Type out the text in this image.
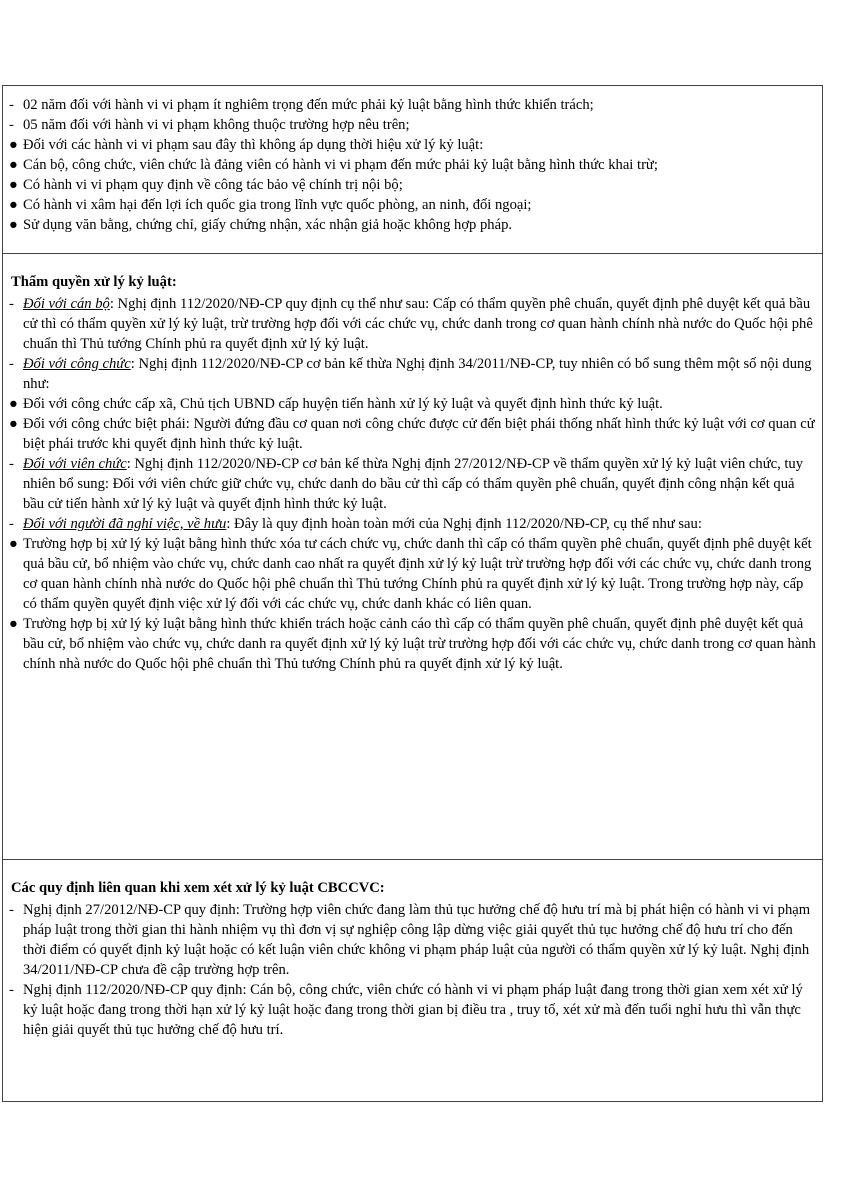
- 02 năm đối với hành vi vi phạm ít nghiêm trọng đến mức phải kỷ luật bằng hình thức khiển trách;
- 05 năm đối với hành vi vi phạm không thuộc trường hợp nêu trên;
● Đối với các hành vi vi phạm sau đây thì không áp dụng thời hiệu xử lý kỷ luật:
● Cán bộ, công chức, viên chức là đảng viên có hành vi vi phạm đến mức phải kỷ luật bằng hình thức khai trừ;
● Có hành vi vi phạm quy định về công tác bảo vệ chính trị nội bộ;
● Có hành vi xâm hại đến lợi ích quốc gia trong lĩnh vực quốc phòng, an ninh, đối ngoại;
● Sử dụng văn bằng, chứng chỉ, giấy chứng nhận, xác nhận giả hoặc không hợp pháp.
Thẩm quyền xử lý kỷ luật:
- Đối với cán bộ: Nghị định 112/2020/NĐ-CP quy định cụ thể như sau: Cấp có thẩm quyền phê chuẩn, quyết định phê duyệt kết quả bầu cử thì có thẩm quyền xử lý kỷ luật, trừ trường hợp đối với các chức vụ, chức danh trong cơ quan hành chính nhà nước do Quốc hội phê chuẩn thì Thủ tướng Chính phủ ra quyết định xử lý kỷ luật.
- Đối với công chức: Nghị định 112/2020/NĐ-CP cơ bản kế thừa Nghị định 34/2011/NĐ-CP, tuy nhiên có bổ sung thêm một số nội dung như:
● Đối với công chức cấp xã, Chủ tịch UBND cấp huyện tiến hành xử lý kỷ luật và quyết định hình thức kỷ luật.
● Đối với công chức biệt phái: Người đứng đầu cơ quan nơi công chức được cử đến biệt phái thống nhất hình thức kỷ luật với cơ quan cử biệt phái trước khi quyết định hình thức kỷ luật.
- Đối với viên chức: Nghị định 112/2020/NĐ-CP cơ bản kế thừa Nghị định 27/2012/NĐ-CP về thẩm quyền xử lý kỷ luật viên chức, tuy nhiên bổ sung: Đối với viên chức giữ chức vụ, chức danh do bầu cử thì cấp có thẩm quyền phê chuẩn, quyết định công nhận kết quả bầu cử tiến hành xử lý kỷ luật và quyết định hình thức kỷ luật.
- Đối với người đã nghỉ việc, về hưu: Đây là quy định hoàn toàn mới của Nghị định 112/2020/NĐ-CP, cụ thể như sau:
● Trường hợp bị xử lý kỷ luật bằng hình thức xóa tư cách chức vụ, chức danh thì cấp có thẩm quyền phê chuẩn, quyết định phê duyệt kết quả bầu cử, bổ nhiệm vào chức vụ, chức danh cao nhất ra quyết định xử lý kỷ luật trừ trường hợp đối với các chức vụ, chức danh trong cơ quan hành chính nhà nước do Quốc hội phê chuẩn thì Thủ tướng Chính phủ ra quyết định xử lý kỷ luật. Trong trường hợp này, cấp có thẩm quyền quyết định việc xử lý đối với các chức vụ, chức danh khác có liên quan.
● Trường hợp bị xử lý kỷ luật bằng hình thức khiển trách hoặc cảnh cáo thì cấp có thẩm quyền phê chuẩn, quyết định phê duyệt kết quả bầu cử, bổ nhiệm vào chức vụ, chức danh ra quyết định xử lý kỷ luật trừ trường hợp đối với các chức vụ, chức danh trong cơ quan hành chính nhà nước do Quốc hội phê chuẩn thì Thủ tướng Chính phủ ra quyết định xử lý kỷ luật.
Các quy định liên quan khi xem xét xử lý kỷ luật CBCCVC:
- Nghị định 27/2012/NĐ-CP quy định: Trường hợp viên chức đang làm thủ tục hưởng chế độ hưu trí mà bị phát hiện có hành vi vi phạm pháp luật trong thời gian thi hành nhiệm vụ thì đơn vị sự nghiệp công lập dừng việc giải quyết thủ tục hưởng chế độ hưu trí cho đến thời điểm có quyết định kỷ luật hoặc có kết luận viên chức không vi phạm pháp luật của người có thẩm quyền xử lý kỷ luật. Nghị định 34/2011/NĐ-CP chưa đề cập trường hợp trên.
- Nghị định 112/2020/NĐ-CP quy định: Cán bộ, công chức, viên chức có hành vi vi phạm pháp luật đang trong thời gian xem xét xử lý kỷ luật hoặc đang trong thời hạn xử lý kỷ luật hoặc đang trong thời gian bị điều tra , truy tố, xét xử mà đến tuổi nghỉ hưu thì vẫn thực hiện giải quyết thủ tục hưởng chế độ hưu trí.
